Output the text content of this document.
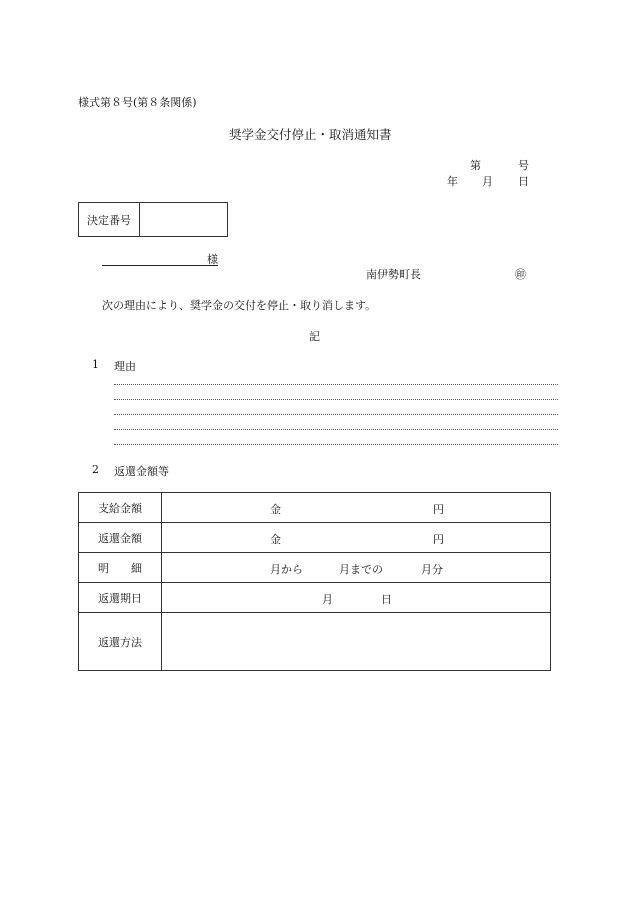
様式第８号(第８条関係)
奨学金交付停止・取消通知書
第	号
年 月 日
決定番号
様
南伊勢町長	㊞
次の理由により、奨学金の交付を停止・取り消します。
記
1 理由
2 返還金額等
支給金額	金 円

返還金額	金 円

明　　細	月から 月までの 月分

返還期日	月 日

返還方法	
